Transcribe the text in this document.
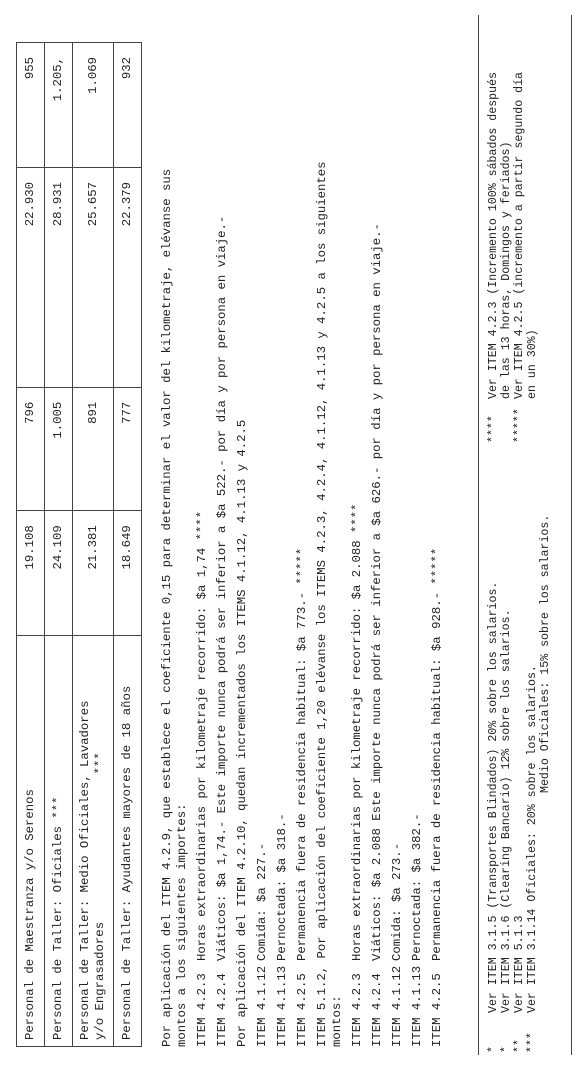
Personal de Maestranza y/o Serenos	19.108	796	22.930	955
Personal de Taller: Oficiales ***	24.109	1.005	28.931	1.205,
Personal de Taller: Medio Oficiales, Lavadores
y/o Engrasadores                    ***	21.381	891	25.657	1.069
Personal de Taller: Ayudantes mayores de 18 años	18.649	777	22.379	932

Por aplicación del ITEM 4.2.9, que establece el coeficiente 0,15 para determinar el valor del kilometraje, elévanse sus
montos a los siguientes importes:

ITEM 4.2.3
Horas extraordinarias por kilometraje recorrido: $a 1,74 ****
ITEM 4.2.4
Viáticos: $a 1,74.- Este importe nunca podrá ser inferior a $a 522.- por día y por persona en viaje.- Por aplicación del ITEM 4.2.10, quedan incrementados los ITEMS 4.1.12, 4.1.13 y 4.2.5 ITEM 4.1.12
Comida: $a 227.-
ITEM 4.1.13
Pernoctada: $a 318.-
ITEM 4.2.5
Permanencia fuera de residencia habitual: $a 773.- *****

ITEM 5.1.2, Por aplicación del coeficiente 1,20 elévanse los ITEMS 4.2.3, 4.2.4, 4.1.12, 4.1.13 y 4.2.5 a los siguientes
montos: ITEM 4.2.3
Horas extraordinarias por kilometraje recorrido: $a 2.088 ****
ITEM 4.2.4
Viáticos: $a 2.088 Este importe nunca podrá ser inferior a $a 626.- por día y por persona en viaje.-
ITEM 4.1.12
Comida: $a 273.-
ITEM 4.1.13
Pernoctada: $a 382.-
ITEM 4.2.5
Permanencia fuera de residencia habitual: $a 928.- *****
*
Ver ITEM 3.1.5 (Transportes Blindados) 20% sobre los salarios.
*
Ver ITEM 3.1.6 (Clearing Bancario) 12% sobre los salarios.
**
Ver ITEM 5.1.3
***
Ver ITEM 3.1.14 Oficiales: 20% sobre los salarios.
Medio Oficiales: 15% sobre los salarios.
****
Ver ITEM 4.2.3 (Incremento 100% sábados después de las 13 horas, Domingos y feriados)
*****
Ver ITEM 4.2.5 (incremento a partir segundo día en un 30%)
